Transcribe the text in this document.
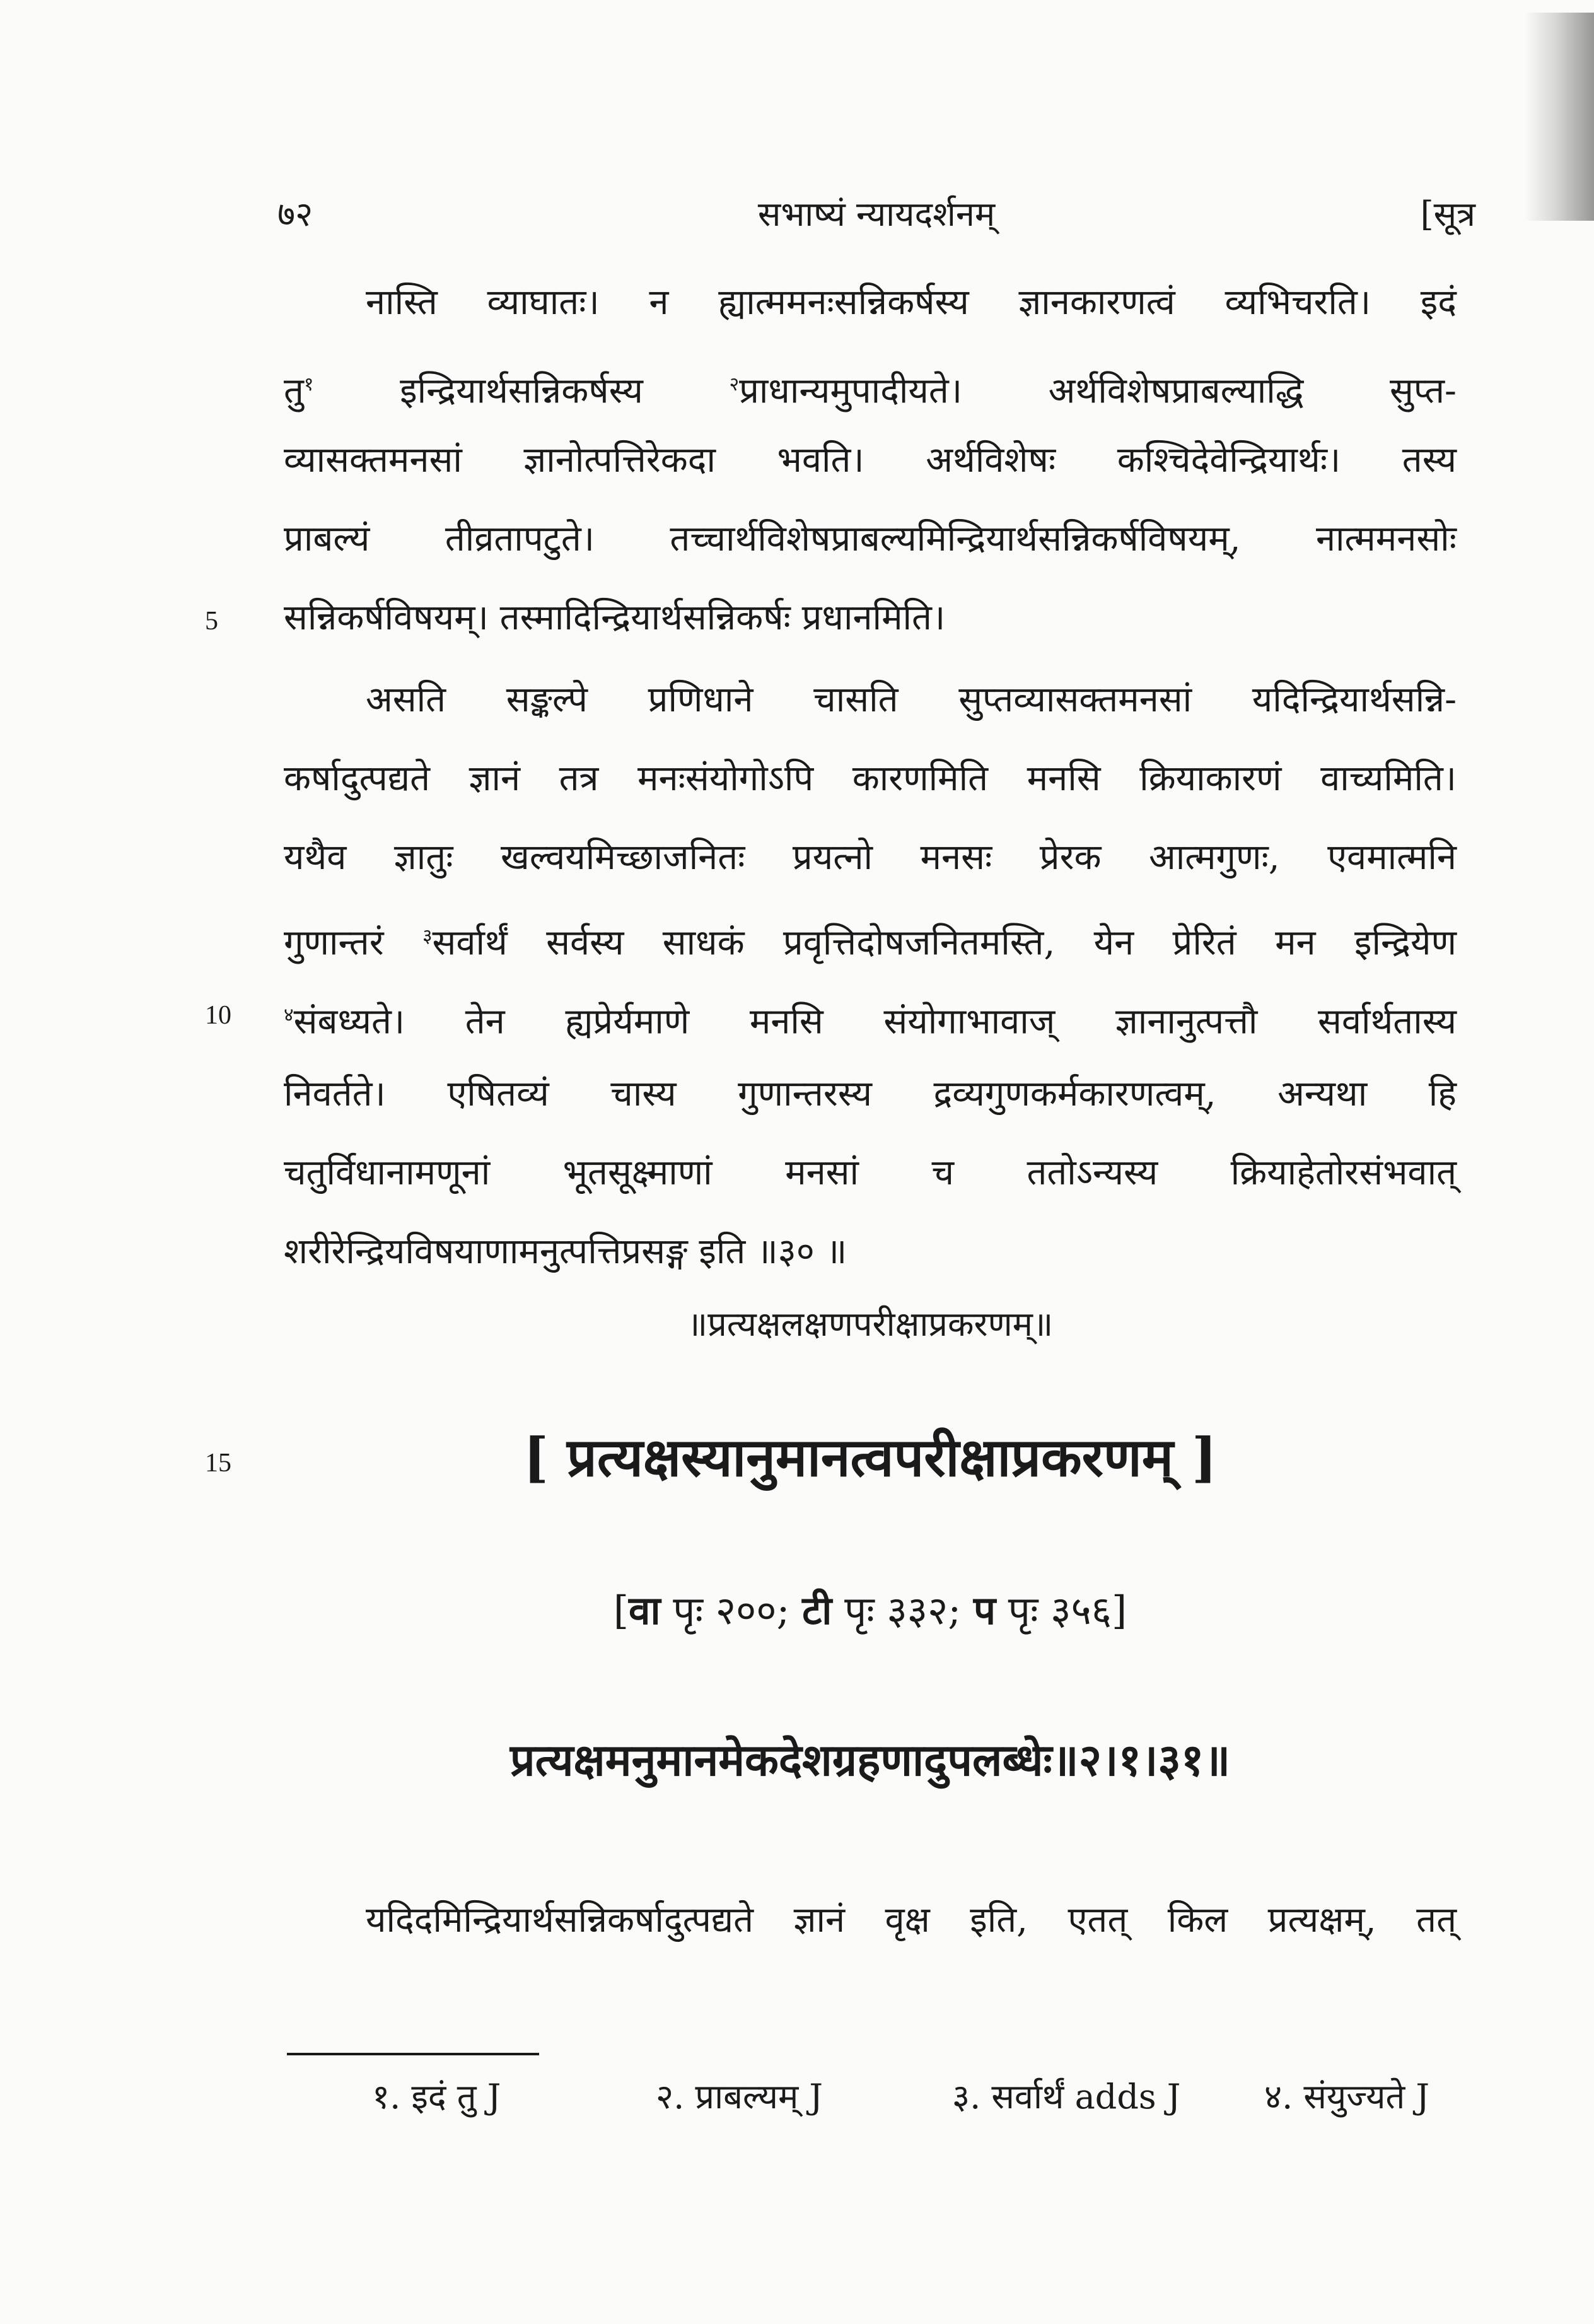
७२	सभाष्यं न्यायदर्शनम्	[सूत्र
नास्ति व्याघातः। न ह्यात्ममनःसन्निकर्षस्य ज्ञानकारणत्वं व्यभिचरति। इदं
तु$^१$ इन्द्रियार्थसन्निकर्षस्य	$^२$प्राधान्यमुपादीयते। अर्थविशेषप्राबल्याद्धि सुप्त-
व्यासक्तमनसां ज्ञानोत्पत्तिरेकदा भवति। अर्थविशेषः कश्चिदेवेन्द्रियार्थः। तस्य
प्राबल्यं तीव्रतापटुते। तच्चार्थविशेषप्राबल्यमिन्द्रियार्थसन्निकर्षविषयम्, नात्ममनसोः
5 सन्निकर्षविषयम्। तस्मादिन्द्रियार्थसन्निकर्षः प्रधानमिति।
असति सङ्कल्पे प्रणिधाने चासति सुप्तव्यासक्तमनसां यदिन्द्रियार्थसन्नि-
कर्षादुत्पद्यते ज्ञानं तत्र मनःसंयोगोऽपि कारणमिति मनसि क्रियाकारणं वाच्यमिति।
यथैव ज्ञातुः खल्वयमिच्छाजनितः प्रयत्नो मनसः प्रेरक आत्मगुणः, एवमात्मनि
गुणान्तरं $^३$सर्वार्थं सर्वस्य साधकं प्रवृत्तिदोषजनितमस्ति, येन प्रेरितं मन इन्द्रियेण
10	$^४$संबध्यते। तेन ह्यप्रेर्यमाणे मनसि संयोगाभावाज् ज्ञानानुत्पत्तौ सर्वार्थतास्य
निवर्तते। एषितव्यं चास्य गुणान्तरस्य द्रव्यगुणकर्मकारणत्वम्, अन्यथा हि
चतुर्विधानामणूनां भूतसूक्ष्माणां मनसां च ततोऽन्यस्य क्रियाहेतोरसंभवात्
शरीरेन्द्रियविषयाणामनुत्पत्तिप्रसङ्ग इति ॥३० ॥
॥प्रत्यक्षलक्षणपरीक्षाप्रकरणम्॥
15	[ प्रत्यक्षस्यानुमानत्वपरीक्षाप्रकरणम् ]
[वा पृः २००; टी पृः ३३२; प पृः ३५६]
प्रत्यक्षमनुमानमेकदेशग्रहणादुपलब्धेः॥२।१।३१॥
यदिदमिन्द्रियार्थसन्निकर्षादुत्पद्यते ज्ञानं वृक्ष इति, एतत् किल प्रत्यक्षम्, तत्
१. इदं तु J	२. प्राबल्यम् J	३. सर्वार्थं adds J ४. संयुज्यते J
